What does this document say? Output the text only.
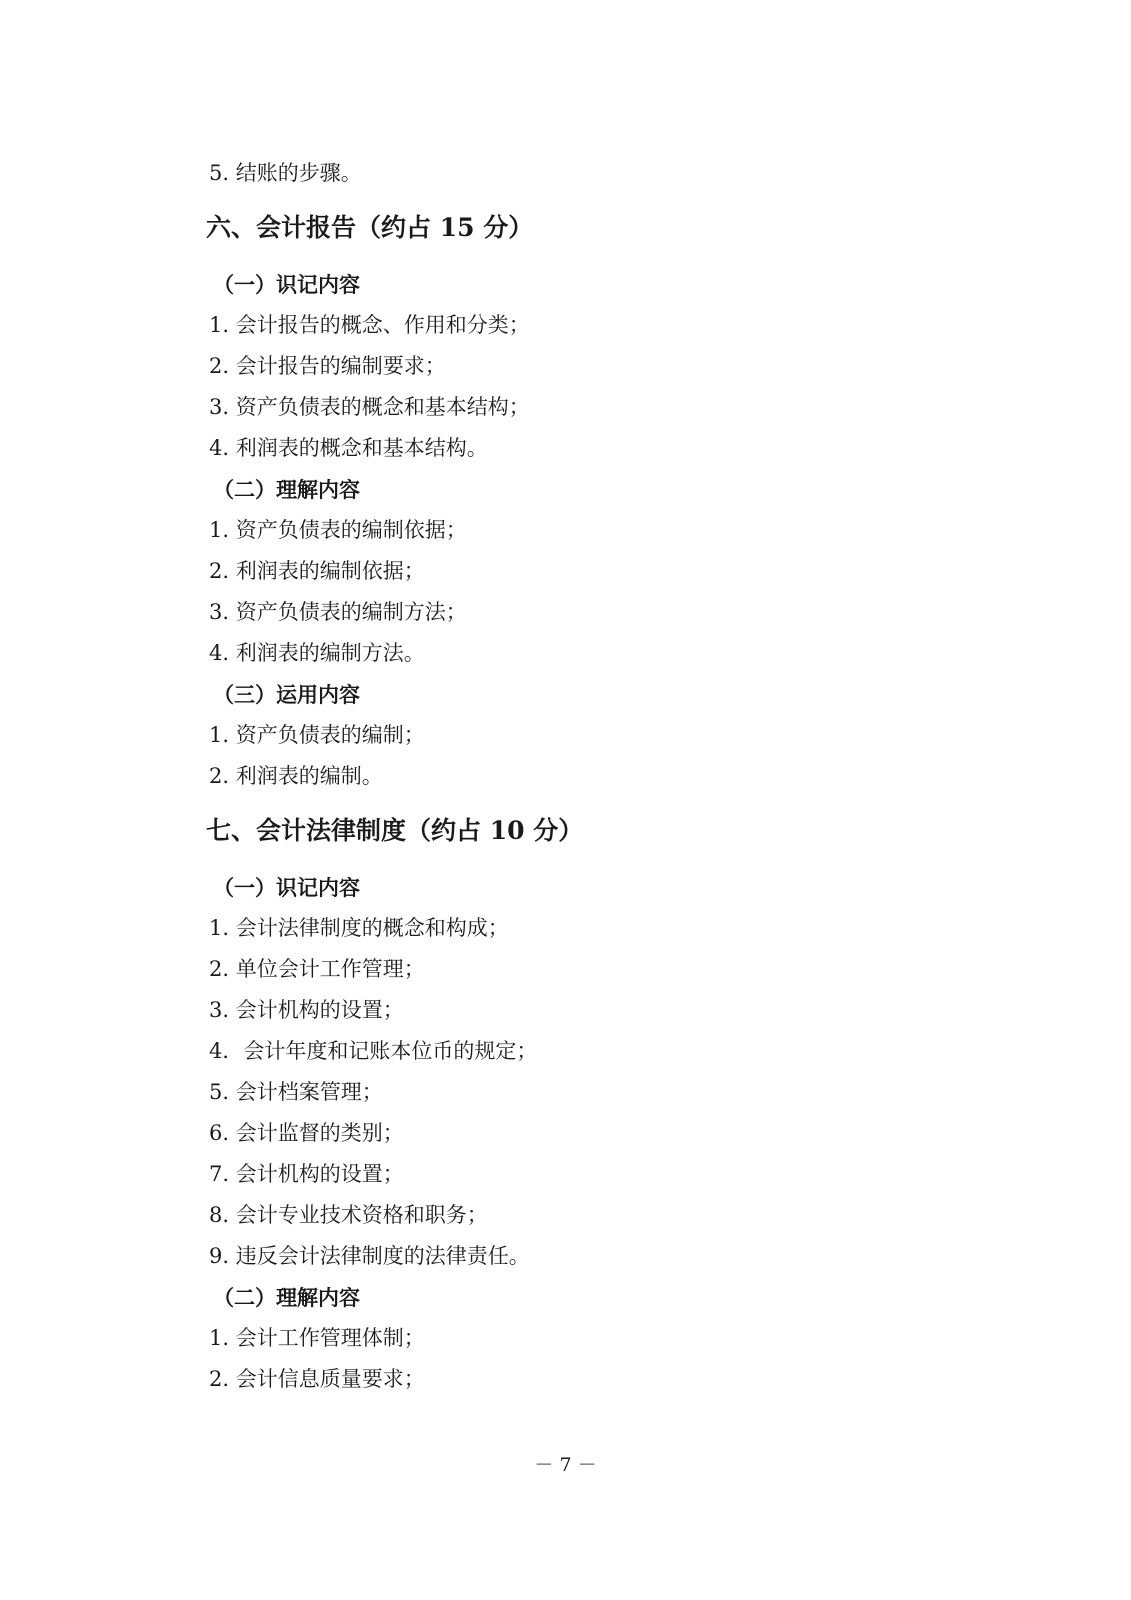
5. 结账的步骤。
六、会计报告（约占 15 分）
（一）识记内容
1. 会计报告的概念、作用和分类；
2. 会计报告的编制要求；
3. 资产负债表的概念和基本结构；
4. 利润表的概念和基本结构。
（二）理解内容
1. 资产负债表的编制依据；
2. 利润表的编制依据；
3. 资产负债表的编制方法；
4. 利润表的编制方法。
（三）运用内容
1. 资产负债表的编制；
2. 利润表的编制。
七、会计法律制度（约占 10 分）
（一）识记内容
1. 会计法律制度的概念和构成；
2. 单位会计工作管理；
3. 会计机构的设置；
4．会计年度和记账本位币的规定；
5. 会计档案管理；
6. 会计监督的类别；
7. 会计机构的设置；
8. 会计专业技术资格和职务；
9. 违反会计法律制度的法律责任。
（二）理解内容
1. 会计工作管理体制；
2. 会计信息质量要求；
－ 7 －
